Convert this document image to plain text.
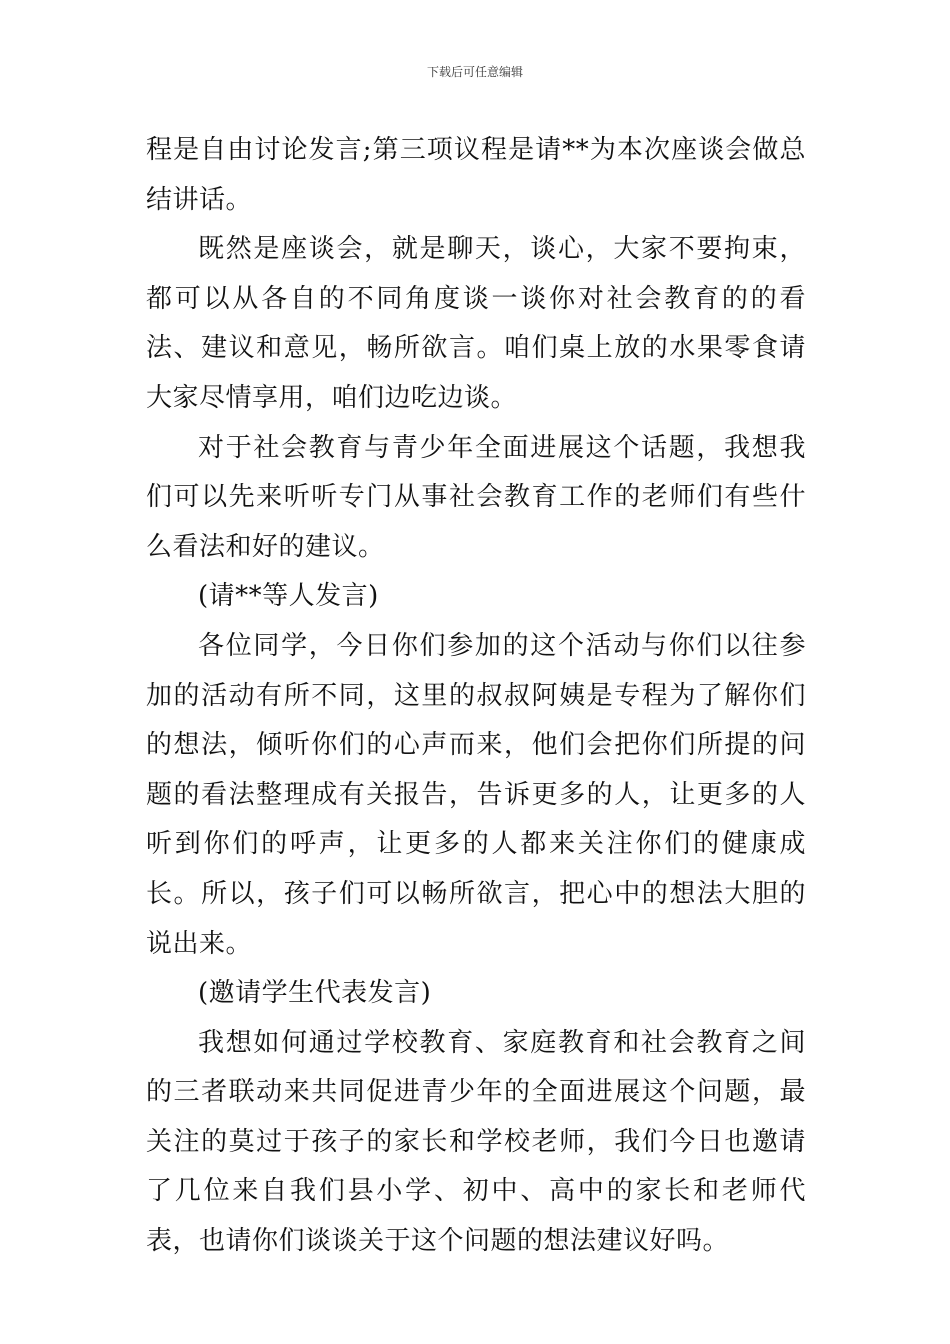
下载后可任意编辑

程是自由讨论发言;第三项议程是请**为本次座谈会做总结讲话。

既然是座谈会，就是聊天，谈心，大家不要拘束，都可以从各自的不同角度谈一谈你对社会教育的的看法、建议和意见，畅所欲言。咱们桌上放的水果零食请大家尽情享用，咱们边吃边谈。

对于社会教育与青少年全面进展这个话题，我想我们可以先来听听专门从事社会教育工作的老师们有些什么看法和好的建议。

(请**等人发言)

各位同学，今日你们参加的这个活动与你们以往参加的活动有所不同，这里的叔叔阿姨是专程为了解你们的想法，倾听你们的心声而来，他们会把你们所提的问题的看法整理成有关报告，告诉更多的人，让更多的人听到你们的呼声，让更多的人都来关注你们的健康成长。所以，孩子们可以畅所欲言，把心中的想法大胆的说出来。

(邀请学生代表发言)

我想如何通过学校教育、家庭教育和社会教育之间的三者联动来共同促进青少年的全面进展这个问题，最关注的莫过于孩子的家长和学校老师，我们今日也邀请了几位来自我们县小学、初中、高中的家长和老师代表，也请你们谈谈关于这个问题的想法建议好吗。
